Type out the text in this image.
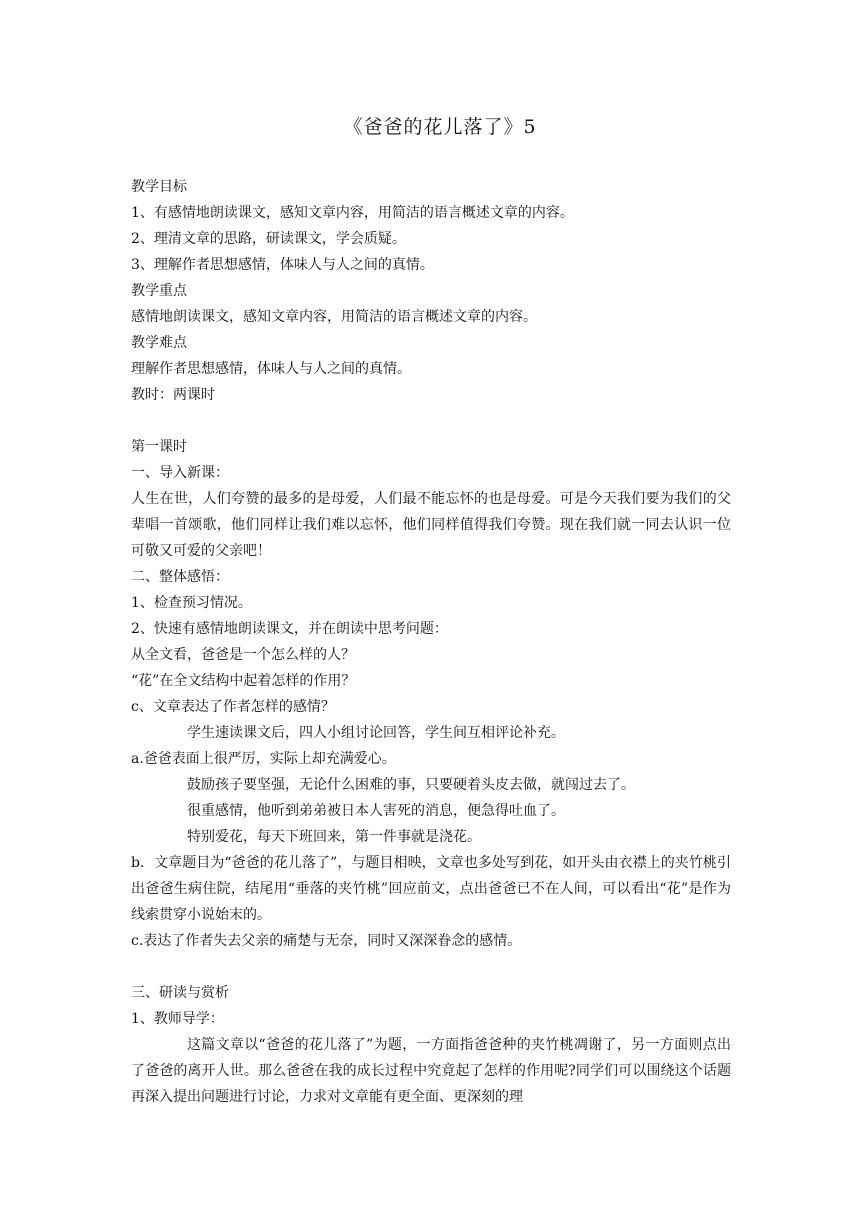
《爸爸的花儿落了》5
教学目标
1、有感情地朗读课文，感知文章内容，用简洁的语言概述文章的内容。
2、理清文章的思路，研读课文，学会质疑。
3、理解作者思想感情，体味人与人之间的真情。
教学重点
感情地朗读课文，感知文章内容，用简洁的语言概述文章的内容。
教学难点
理解作者思想感情，体味人与人之间的真情。
教时：两课时
第一课时
一、导入新课：
人生在世，人们夸赞的最多的是母爱，人们最不能忘怀的也是母爱。可是今天我们要为我们的父辈唱一首颂歌，他们同样让我们难以忘怀，他们同样值得我们夸赞。现在我们就一同去认识一位可敬又可爱的父亲吧！
二、整体感悟：
1、检查预习情况。
2、快速有感情地朗读课文，并在朗读中思考问题：
从全文看，爸爸是一个怎么样的人？
“花”在全文结构中起着怎样的作用？
c、文章表达了作者怎样的感情？
学生速读课文后，四人小组讨论回答，学生间互相评论补充。
a.爸爸表面上很严厉，实际上却充满爱心。
鼓励孩子要坚强，无论什么困难的事，只要硬着头皮去做，就闯过去了。
很重感情，他听到弟弟被日本人害死的消息，便急得吐血了。
特别爱花，每天下班回来，第一件事就是浇花。
b．文章题目为“爸爸的花儿落了”，与题目相映，文章也多处写到花，如开头由衣襟上的夹竹桃引出爸爸生病住院，结尾用“垂落的夹竹桃”回应前文，点出爸爸已不在人间，可以看出“花”是作为线索贯穿小说始末的。
c.表达了作者失去父亲的痛楚与无奈，同时又深深眷念的感情。
三、研读与赏析
1、教师导学：
这篇文章以“爸爸的花儿落了”为题，一方面指爸爸种的夹竹桃凋谢了，另一方面则点出了爸爸的离开人世。那么爸爸在我的成长过程中究竟起了怎样的作用呢?同学们可以围绕这个话题再深入提出问题进行讨论，力求对文章能有更全面、更深刻的理
